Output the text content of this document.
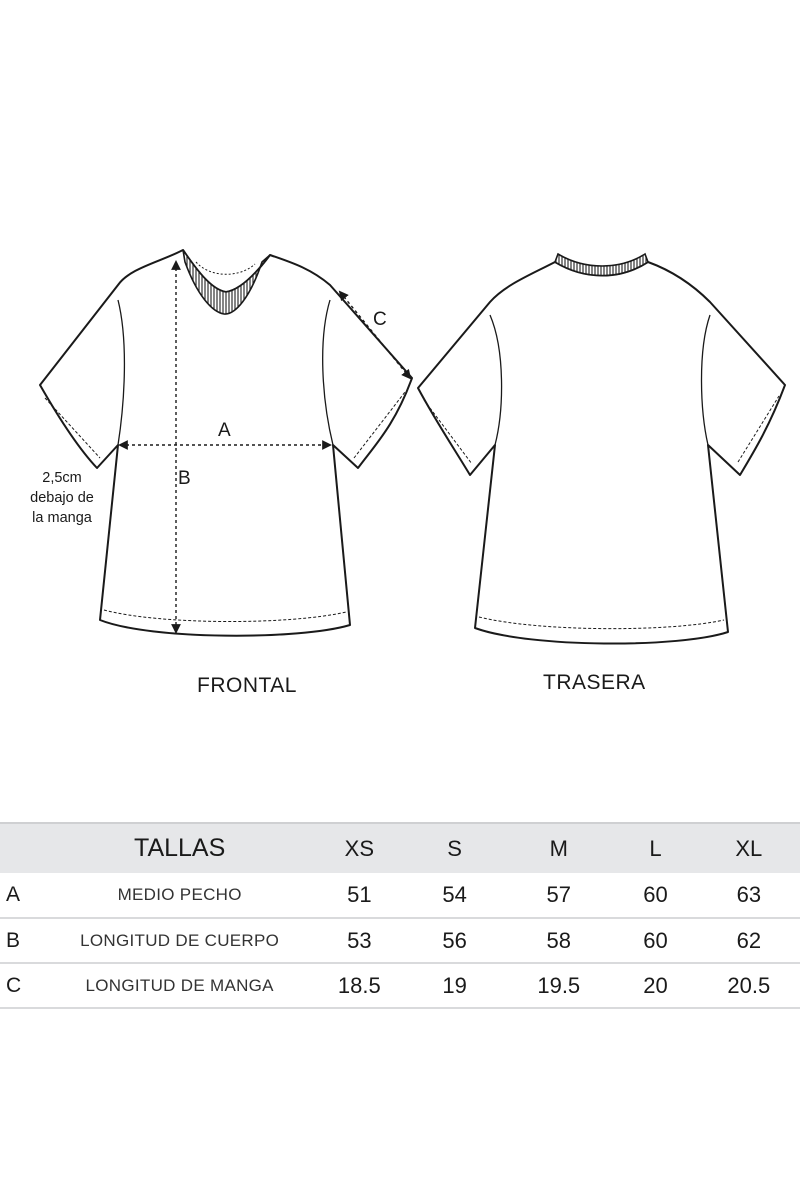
FRONTAL	TRASERA
A
B
C
2,5cm
debajo de
la manga
	TALLAS	XS	S	M	L	XL
A	MEDIO PECHO	51	54	57	60	63
B	LONGITUD DE CUERPO	53	56	58	60	62
C	LONGITUD DE MANGA	18.5	19	19.5	20	20.5
